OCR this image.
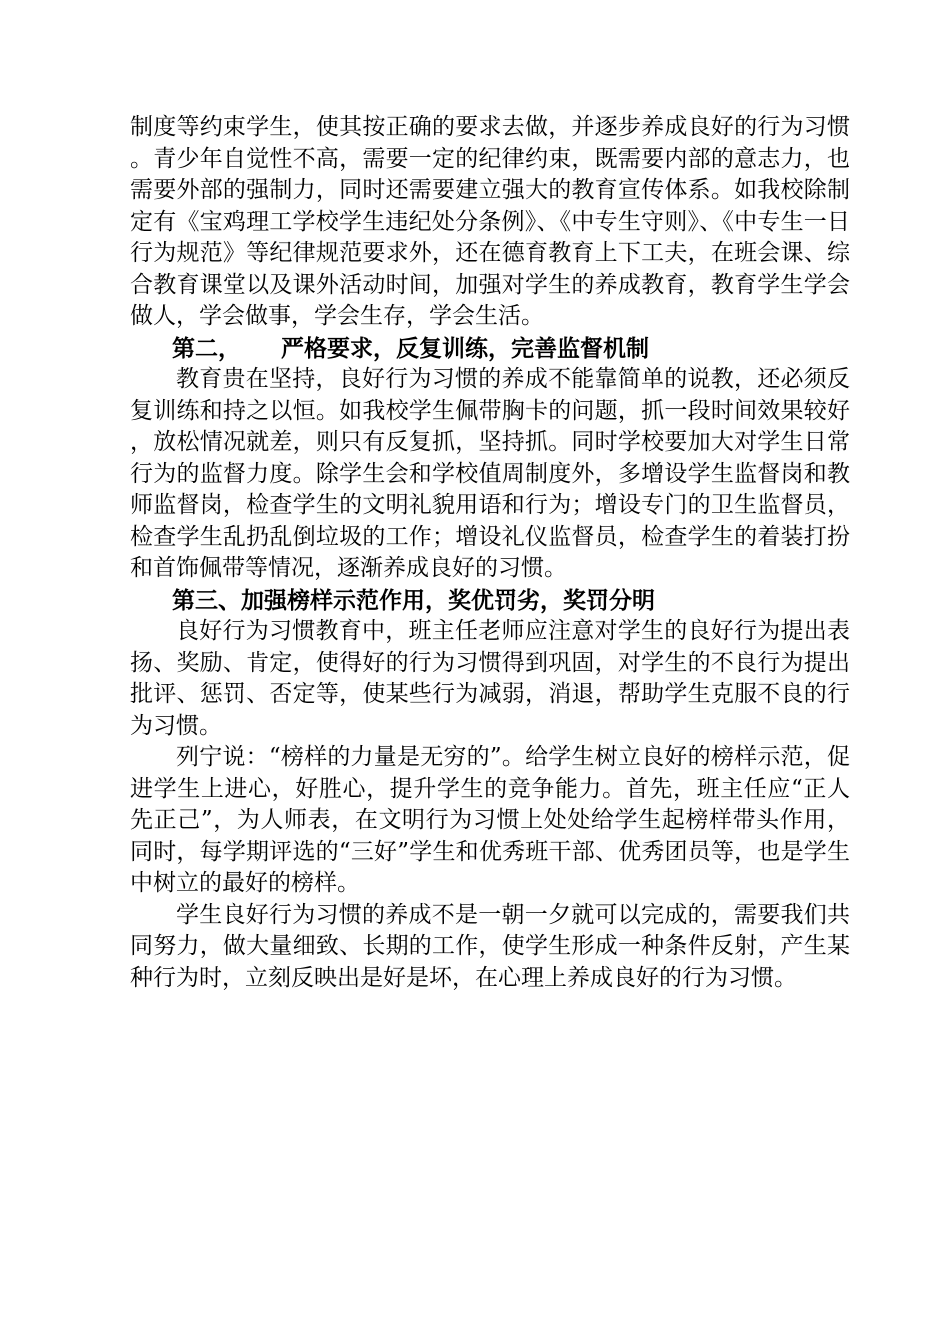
制度等约束学生，使其按正确的要求去做，并逐步养成良好的行为习惯。青少年自觉性不高，需要一定的纪律约束，既需要内部的意志力，也需要外部的强制力，同时还需要建立强大的教育宣传体系。如我校除制定有《宝鸡理工学校学生违纪处分条例》、《中专生守则》、《中专生一日行为规范》等纪律规范要求外，还在德育教育上下工夫，在班会课、综合教育课堂以及课外活动时间，加强对学生的养成教育，教育学生学会做人，学会做事，学会生存，学会生活。

第二，     严格要求，反复训练，完善监督机制

教育贵在坚持，良好行为习惯的养成不能靠简单的说教，还必须反复训练和持之以恒。如我校学生佩带胸卡的问题，抓一段时间效果较好，放松情况就差，则只有反复抓，坚持抓。同时学校要加大对学生日常行为的监督力度。除学生会和学校值周制度外，多增设学生监督岗和教师监督岗，检查学生的文明礼貌用语和行为；增设专门的卫生监督员，检查学生乱扔乱倒垃圾的工作；增设礼仪监督员，检查学生的着装打扮和首饰佩带等情况，逐渐养成良好的习惯。

第三、加强榜样示范作用，奖优罚劣，奖罚分明

良好行为习惯教育中，班主任老师应注意对学生的良好行为提出表扬、奖励、肯定，使得好的行为习惯得到巩固，对学生的不良行为提出批评、惩罚、否定等，使某些行为减弱，消退，帮助学生克服不良的行为习惯。

列宁说：“榜样的力量是无穷的”。给学生树立良好的榜样示范，促进学生上进心，好胜心，提升学生的竞争能力。首先，班主任应“正人先正己”，为人师表，在文明行为习惯上处处给学生起榜样带头作用，同时，每学期评选的“三好”学生和优秀班干部、优秀团员等，也是学生中树立的最好的榜样。

学生良好行为习惯的养成不是一朝一夕就可以完成的，需要我们共同努力，做大量细致、长期的工作，使学生形成一种条件反射，产生某种行为时，立刻反映出是好是坏，在心理上养成良好的行为习惯。
